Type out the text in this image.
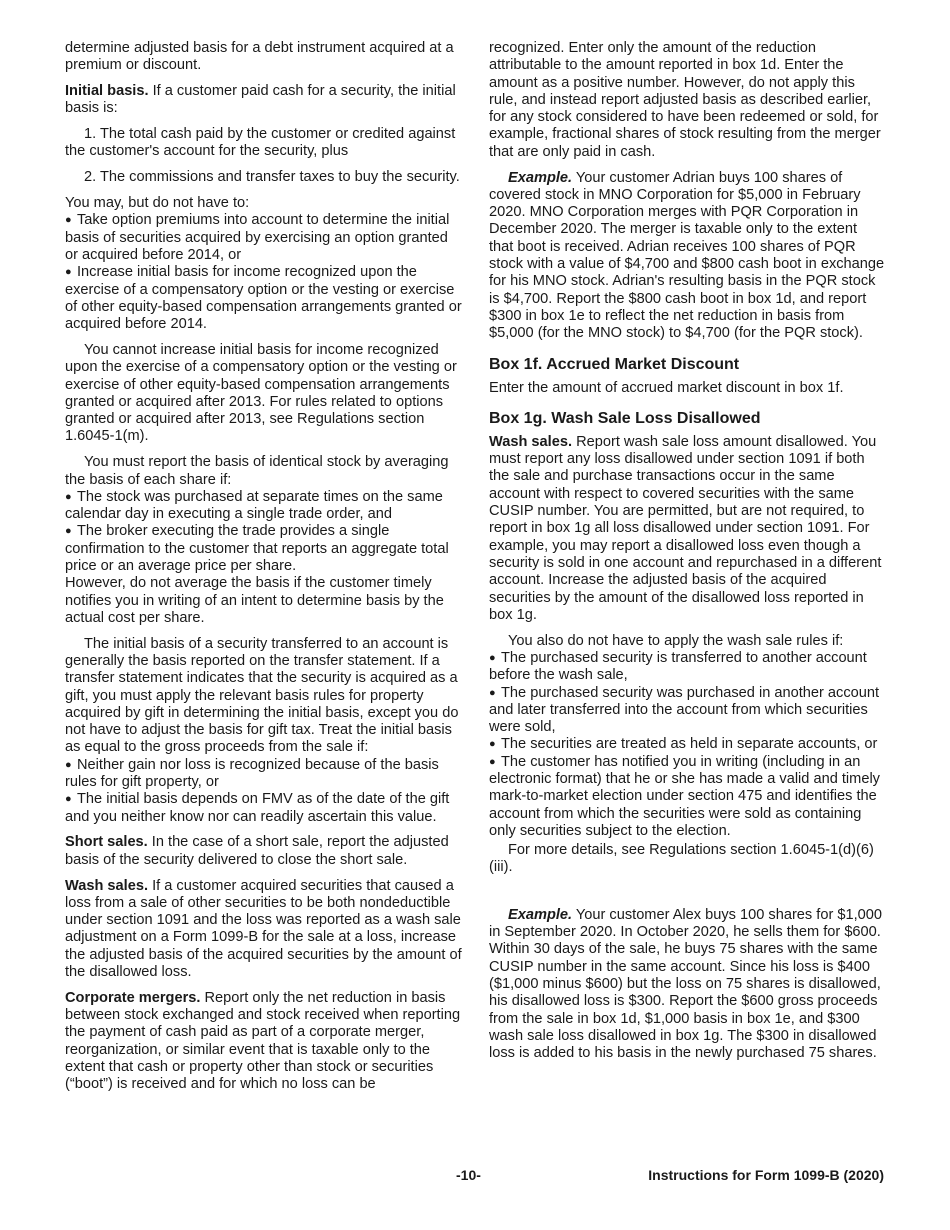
determine adjusted basis for a debt instrument acquired at a premium or discount.

Initial basis. If a customer paid cash for a security, the initial basis is:

1. The total cash paid by the customer or credited against the customer's account for the security, plus

2. The commissions and transfer taxes to buy the security.

You may, but do not have to:

● Take option premiums into account to determine the initial basis of securities acquired by exercising an option granted or acquired before 2014, or

● Increase initial basis for income recognized upon the exercise of a compensatory option or the vesting or exercise of other equity-based compensation arrangements granted or acquired before 2014.

You cannot increase initial basis for income recognized upon the exercise of a compensatory option or the vesting or exercise of other equity-based compensation arrangements granted or acquired after 2013. For rules related to options granted or acquired after 2013, see Regulations section 1.6045-1(m).

You must report the basis of identical stock by averaging the basis of each share if:

● The stock was purchased at separate times on the same calendar day in executing a single trade order, and

● The broker executing the trade provides a single confirmation to the customer that reports an aggregate total price or an average price per share.

However, do not average the basis if the customer timely notifies you in writing of an intent to determine basis by the actual cost per share.

The initial basis of a security transferred to an account is generally the basis reported on the transfer statement. If a transfer statement indicates that the security is acquired as a gift, you must apply the relevant basis rules for property acquired by gift in determining the initial basis, except you do not have to adjust the basis for gift tax. Treat the initial basis as equal to the gross proceeds from the sale if:

● Neither gain nor loss is recognized because of the basis rules for gift property, or

● The initial basis depends on FMV as of the date of the gift and you neither know nor can readily ascertain this value.

Short sales. In the case of a short sale, report the adjusted basis of the security delivered to close the short sale.

Wash sales. If a customer acquired securities that caused a loss from a sale of other securities to be both nondeductible under section 1091 and the loss was reported as a wash sale adjustment on a Form 1099-B for the sale at a loss, increase the adjusted basis of the acquired securities by the amount of the disallowed loss.

Corporate mergers. Report only the net reduction in basis between stock exchanged and stock received when reporting the payment of cash paid as part of a corporate merger, reorganization, or similar event that is taxable only to the extent that cash or property other than stock or securities (“boot”) is received and for which no loss can be

recognized. Enter only the amount of the reduction attributable to the amount reported in box 1d. Enter the amount as a positive number. However, do not apply this rule, and instead report adjusted basis as described earlier, for any stock considered to have been redeemed or sold, for example, fractional shares of stock resulting from the merger that are only paid in cash.

Example. Your customer Adrian buys 100 shares of covered stock in MNO Corporation for $5,000 in February 2020. MNO Corporation merges with PQR Corporation in December 2020. The merger is taxable only to the extent that boot is received. Adrian receives 100 shares of PQR stock with a value of $4,700 and $800 cash boot in exchange for his MNO stock. Adrian's resulting basis in the PQR stock is $4,700. Report the $800 cash boot in box 1d, and report $300 in box 1e to reflect the net reduction in basis from $5,000 (for the MNO stock) to $4,700 (for the PQR stock).

Box 1f. Accrued Market Discount

Enter the amount of accrued market discount in box 1f.

Box 1g. Wash Sale Loss Disallowed

Wash sales. Report wash sale loss amount disallowed. You must report any loss disallowed under section 1091 if both the sale and purchase transactions occur in the same account with respect to covered securities with the same CUSIP number. You are permitted, but are not required, to report in box 1g all loss disallowed under section 1091. For example, you may report a disallowed loss even though a security is sold in one account and repurchased in a different account. Increase the adjusted basis of the acquired securities by the amount of the disallowed loss reported in box 1g.

You also do not have to apply the wash sale rules if:

● The purchased security is transferred to another account before the wash sale,

● The purchased security was purchased in another account and later transferred into the account from which securities were sold,

● The securities are treated as held in separate accounts, or

● The customer has notified you in writing (including in an electronic format) that he or she has made a valid and timely mark-to-market election under section 475 and identifies the account from which the securities were sold as containing only securities subject to the election.

For more details, see Regulations section 1.6045-1(d)(6)(iii).

Example. Your customer Alex buys 100 shares for $1,000 in September 2020. In October 2020, he sells them for $600. Within 30 days of the sale, he buys 75 shares with the same CUSIP number in the same account. Since his loss is $400 ($1,000 minus $600) but the loss on 75 shares is disallowed, his disallowed loss is $300. Report the $600 gross proceeds from the sale in box 1d, $1,000 basis in box 1e, and $300 wash sale loss disallowed in box 1g. The $300 in disallowed loss is added to his basis in the newly purchased 75 shares.

-10-	Instructions for Form 1099-B (2020)
